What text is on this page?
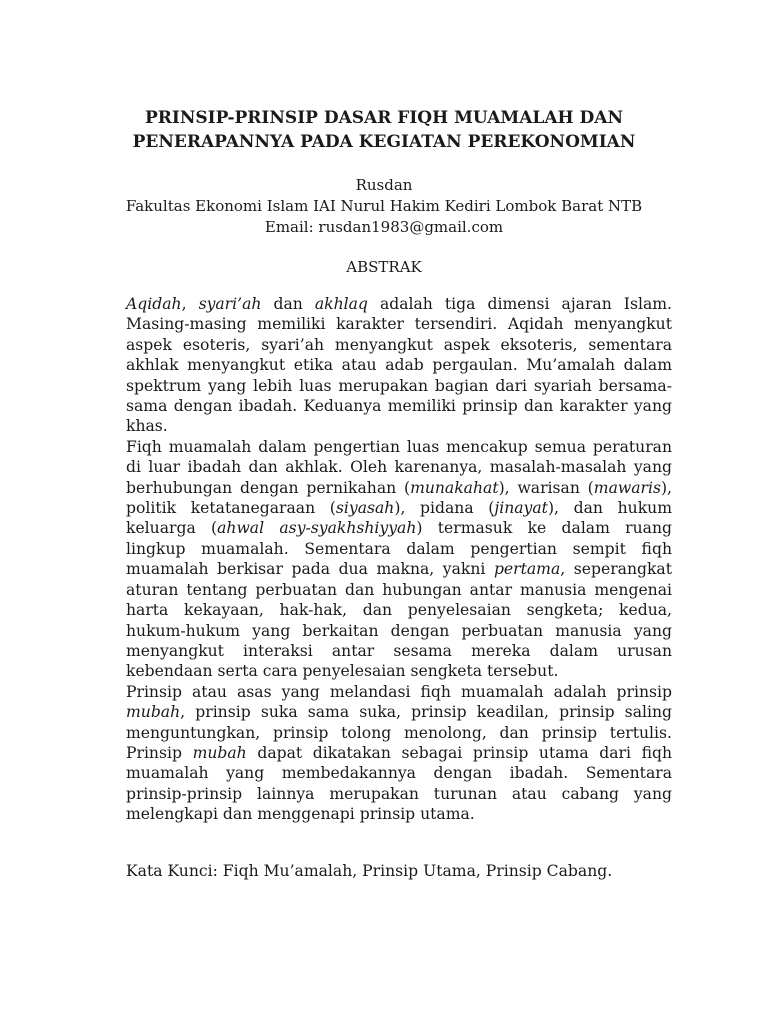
PRINSIP-PRINSIP DASAR FIQH MUAMALAH DAN
PENERAPANNYA PADA KEGIATAN PEREKONOMIAN
Rusdan
Fakultas Ekonomi Islam IAI Nurul Hakim Kediri Lombok Barat NTB
Email: rusdan1983@gmail.com
ABSTRAK

Aqidah, syari’ah dan akhlaq adalah tiga dimensi ajaran Islam. Masing-masing memiliki karakter tersendiri. Aqidah menyangkut aspek esoteris, syari’ah menyangkut aspek eksoteris, sementara akhlak menyangkut etika atau adab pergaulan. Mu’amalah dalam spektrum yang lebih luas merupakan bagian dari syariah bersama-sama dengan ibadah. Keduanya memiliki prinsip dan karakter yang khas.

Fiqh muamalah dalam pengertian luas mencakup semua peraturan di luar ibadah dan akhlak. Oleh karenanya, masalah-masalah yang berhubungan dengan pernikahan (munakahat), warisan (mawaris), politik ketatanegaraan (siyasah), pidana (jinayat), dan hukum keluarga (ahwal asy-syakhshiyyah) termasuk ke dalam ruang lingkup muamalah. Sementara dalam pengertian sempit fiqh muamalah berkisar pada dua makna, yakni pertama, seperangkat aturan tentang perbuatan dan hubungan antar manusia mengenai harta kekayaan, hak-hak, dan penyelesaian sengketa; kedua, hukum-hukum yang berkaitan dengan perbuatan manusia yang menyangkut interaksi antar sesama mereka dalam urusan kebendaan serta cara penyelesaian sengketa tersebut.

Prinsip atau asas yang melandasi fiqh muamalah adalah prinsip mubah, prinsip suka sama suka, prinsip keadilan, prinsip saling menguntungkan, prinsip tolong menolong, dan prinsip tertulis. Prinsip mubah dapat dikatakan sebagai prinsip utama dari fiqh muamalah yang membedakannya dengan ibadah. Sementara prinsip-prinsip lainnya merupakan turunan atau cabang yang melengkapi dan menggenapi prinsip utama.

Kata Kunci: Fiqh Mu’amalah, Prinsip Utama, Prinsip Cabang.
